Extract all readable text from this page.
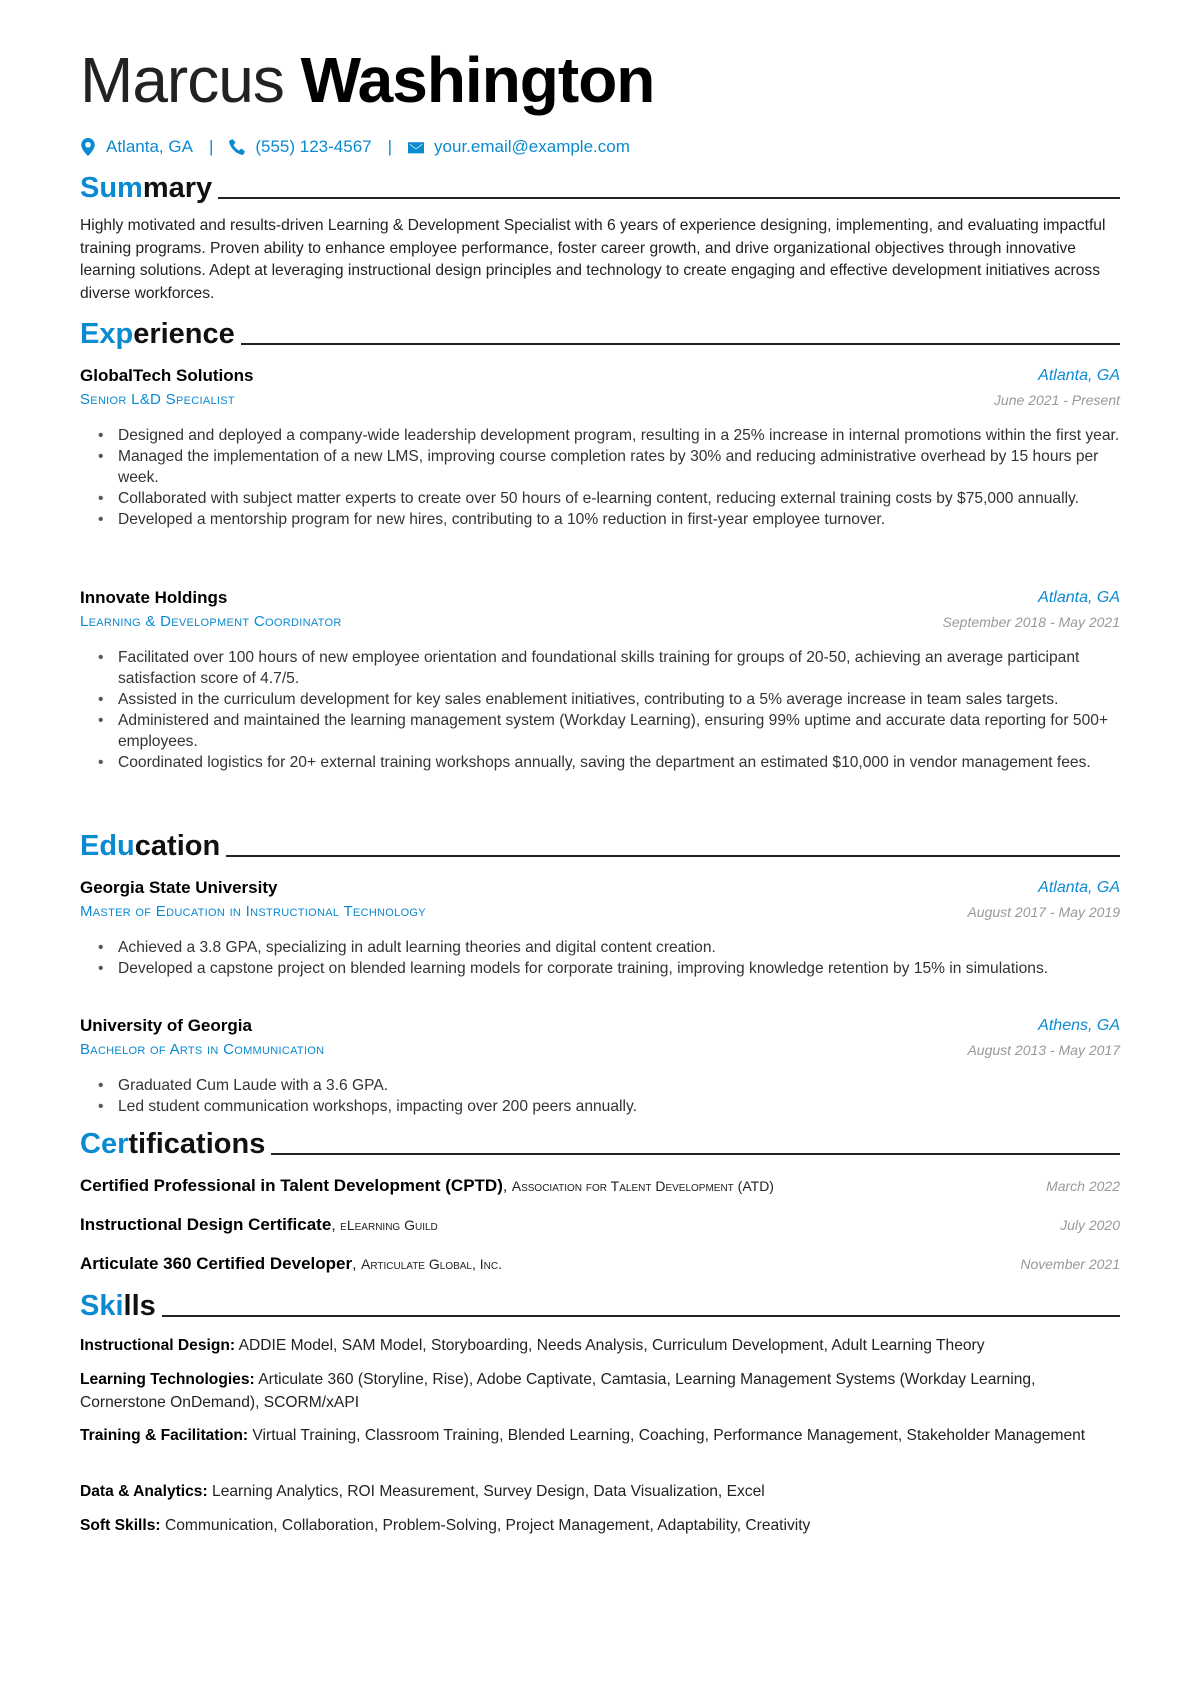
Marcus Washington
Atlanta, GA | (555) 123-4567 | your.email@example.com
Sum mary
Highly motivated and results-driven Learning & Development Specialist with 6 years of experience designing, implementing, and evaluating impactful training programs. Proven ability to enhance employee performance, foster career growth, and drive organizational objectives through innovative learning solutions. Adept at leveraging instructional design principles and technology to create engaging and effective development initiatives across diverse workforces.
Exp erience
GlobalTech Solutions	Atlanta, GA
Senior L&D Specialist	June 2021 - Present
• Designed and deployed a company-wide leadership development program, resulting in a 25% increase in internal promotions within the first year.
• Managed the implementation of a new LMS, improving course completion rates by 30% and reducing administrative overhead by 15 hours per week.
• Collaborated with subject matter experts to create over 50 hours of e-learning content, reducing external training costs by $75,000 annually.
• Developed a mentorship program for new hires, contributing to a 10% reduction in first-year employee turnover.
Innovate Holdings	Atlanta, GA
Learning & Development Coordinator	September 2018 - May 2021
• Facilitated over 100 hours of new employee orientation and foundational skills training for groups of 20-50, achieving an average participant satisfaction score of 4.7/5.
• Assisted in the curriculum development for key sales enablement initiatives, contributing to a 5% average increase in team sales targets.
• Administered and maintained the learning management system (Workday Learning), ensuring 99% uptime and accurate data reporting for 500+ employees.
• Coordinated logistics for 20+ external training workshops annually, saving the department an estimated $10,000 in vendor management fees.
Edu cation
Georgia State University	Atlanta, GA
Master of Education in Instructional Technology	August 2017 - May 2019
• Achieved a 3.8 GPA, specializing in adult learning theories and digital content creation.
• Developed a capstone project on blended learning models for corporate training, improving knowledge retention by 15% in simulations.
University of Georgia	Athens, GA
Bachelor of Arts in Communication	August 2013 - May 2017
• Graduated Cum Laude with a 3.6 GPA.
• Led student communication workshops, impacting over 200 peers annually.
Cer tifications
Certified Professional in Talent Development (CPTD), Association for Talent Development (ATD)	March 2022
Instructional Design Certificate, eLearning Guild	July 2020
Articulate 360 Certified Developer, Articulate Global, Inc.	November 2021
Ski lls
Instructional Design: ADDIE Model, SAM Model, Storyboarding, Needs Analysis, Curriculum Development, Adult Learning Theory
Learning Technologies: Articulate 360 (Storyline, Rise), Adobe Captivate, Camtasia, Learning Management Systems (Workday Learning, Cornerstone OnDemand), SCORM/xAPI
Training & Facilitation: Virtual Training, Classroom Training, Blended Learning, Coaching, Performance Management, Stakeholder Management
Data & Analytics: Learning Analytics, ROI Measurement, Survey Design, Data Visualization, Excel
Soft Skills: Communication, Collaboration, Problem-Solving, Project Management, Adaptability, Creativity
